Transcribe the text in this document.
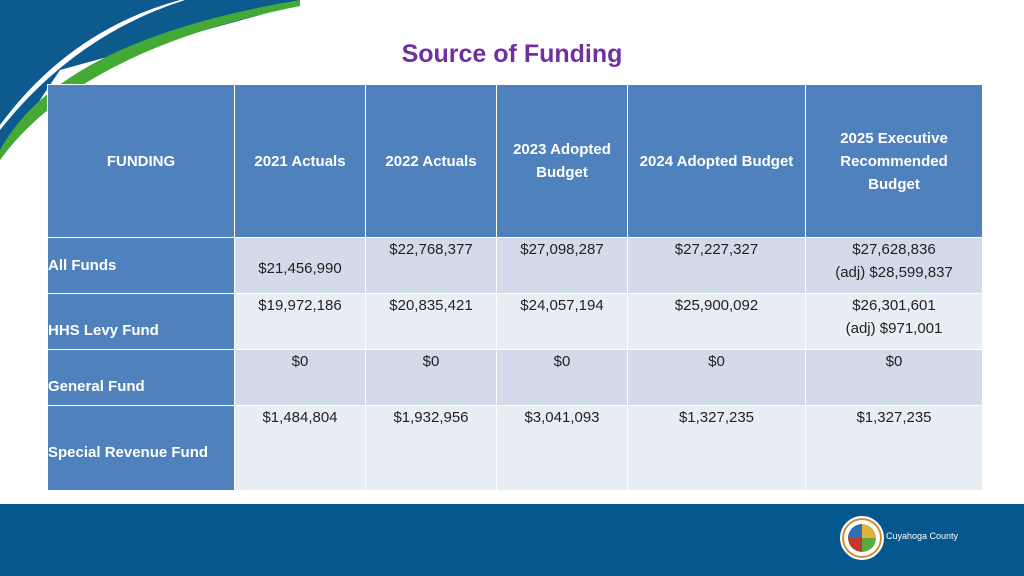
Source of Funding
FUNDING	2021 Actuals	2022 Actuals	2023 Adopted Budget	2024 Adopted Budget	2025 Executive Recommended Budget
All Funds	$21,456,990	$22,768,377	$27,098,287	$27,227,327	$27,628,836
(adj) $28,599,837

HHS Levy Fund	$19,972,186	$20,835,421	$24,057,194	$25,900,092	$26,301,601
(adj) $971,001

General Fund	$0	$0	$0	$0	$0
Special Revenue Fund	$1,484,804	$1,932,956	$3,041,093	$1,327,235	$1,327,235
Cuyahoga County
